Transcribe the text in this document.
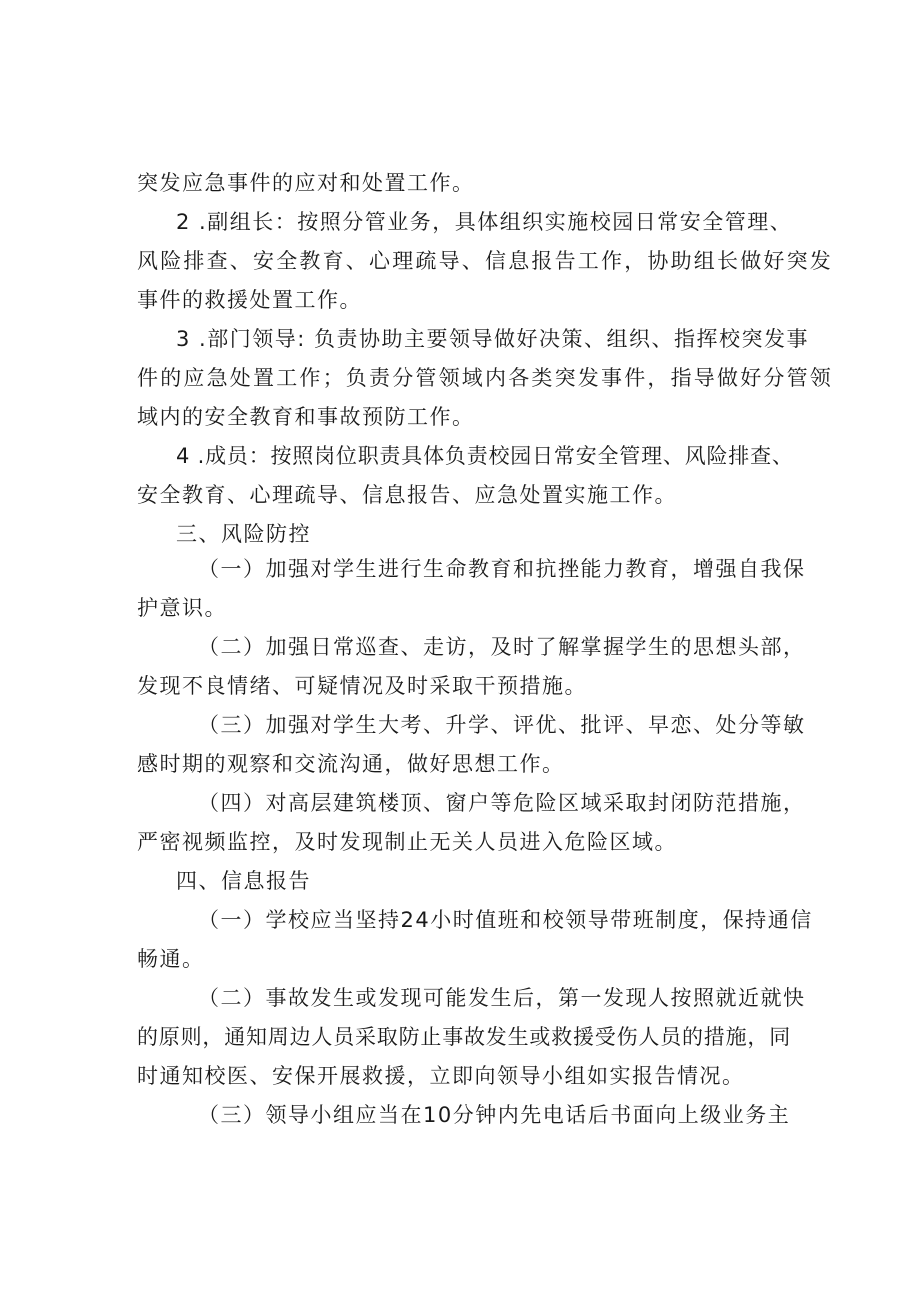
突发应急事件的应对和处置工作。
2 .副组长：按照分管业务，具体组织实施校园日常安全管理、
风险排查、安全教育、心理疏导、信息报告工作，协助组长做好突发
事件的救援处置工作。
3 .部门领导: 负责协助主要领导做好决策、组织、指挥校突发事
件的应急处置工作；负责分管领域内各类突发事件，指导做好分管领
域内的安全教育和事故预防工作。
4 .成员：按照岗位职责具体负责校园日常安全管理、风险排查、
安全教育、心理疏导、信息报告、应急处置实施工作。
三、风险防控
（一）加强对学生进行生命教育和抗挫能力教育，增强自我保
护意识。
（二）加强日常巡查、走访，及时了解掌握学生的思想头部，
发现不良情绪、可疑情况及时采取干预措施。
（三）加强对学生大考、升学、评优、批评、早恋、处分等敏
感时期的观察和交流沟通，做好思想工作。
（四）对高层建筑楼顶、窗户等危险区域采取封闭防范措施，
严密视频监控，及时发现制止无关人员进入危险区域。
四、信息报告
（一）学校应当坚持24小时值班和校领导带班制度，保持通信
畅通。
（二）事故发生或发现可能发生后，第一发现人按照就近就快
的原则，通知周边人员采取防止事故发生或救援受伤人员的措施，同
时通知校医、安保开展救援，立即向领导小组如实报告情况。
（三）领导小组应当在10分钟内先电话后书面向上级业务主
